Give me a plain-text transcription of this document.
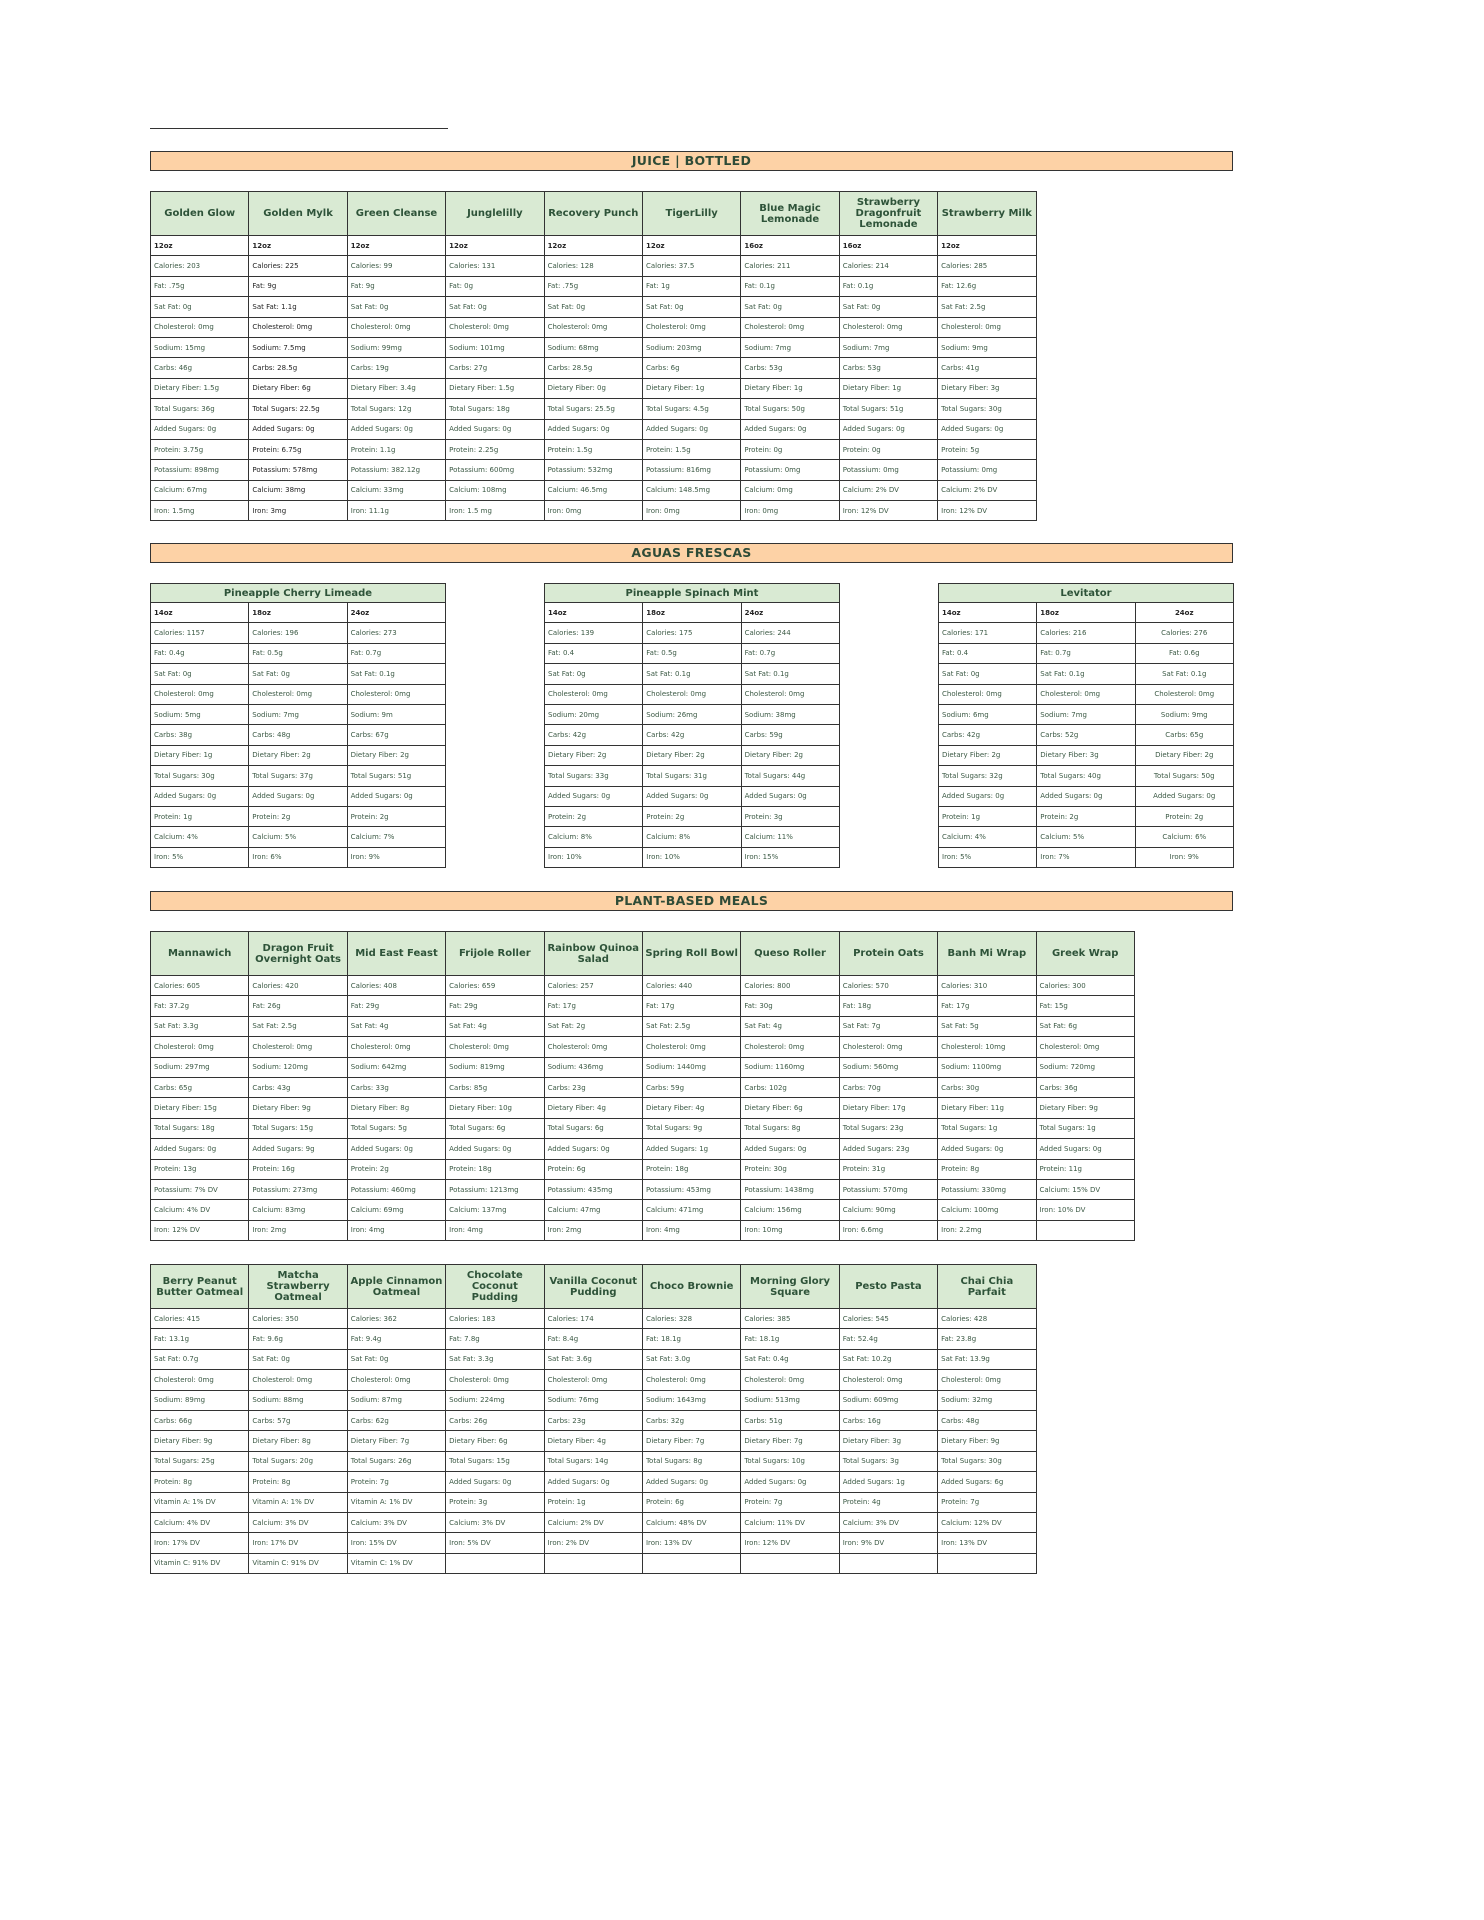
JUICE | BOTTLED
Golden Glow	Golden Mylk	Green Cleanse	Junglelilly	Recovery Punch	TigerLilly	Blue Magic Lemonade	Strawberry Dragonfruit Lemonade	Strawberry Milk
12oz	12oz	12oz	12oz	12oz	12oz	16oz	16oz	12oz
Calories: 203	Calories: 225	Calories: 99	Calories: 131	Calories: 128	Calories: 37.5	Calories: 211	Calories: 214	Calories: 285
Fat: .75g	Fat: 9g	Fat: 9g	Fat: 0g	Fat: .75g	Fat: 1g	Fat: 0.1g	Fat: 0.1g	Fat: 12.6g
Sat Fat: 0g	Sat Fat: 1.1g	Sat Fat: 0g	Sat Fat: 0g	Sat Fat: 0g	Sat Fat: 0g	Sat Fat: 0g	Sat Fat: 0g	Sat Fat: 2.5g
Cholesterol: 0mg	Cholesterol: 0mg	Cholesterol: 0mg	Cholesterol: 0mg	Cholesterol: 0mg	Cholesterol: 0mg	Cholesterol: 0mg	Cholesterol: 0mg	Cholesterol: 0mg
Sodium: 15mg	Sodium: 7.5mg	Sodium: 99mg	Sodium: 101mg	Sodium: 68mg	Sodium: 203mg	Sodium: 7mg	Sodium: 7mg	Sodium: 9mg
Carbs: 46g	Carbs: 28.5g	Carbs: 19g	Carbs: 27g	Carbs: 28.5g	Carbs: 6g	Carbs: 53g	Carbs: 53g	Carbs: 41g
Dietary Fiber: 1.5g	Dietary Fiber: 6g	Dietary Fiber: 3.4g	Dietary Fiber: 1.5g	Dietary Fiber: 0g	Dietary Fiber: 1g	Dietary Fiber: 1g	Dietary Fiber: 1g	Dietary Fiber: 3g
Total Sugars: 36g	Total Sugars: 22.5g	Total Sugars: 12g	Total Sugars: 18g	Total Sugars: 25.5g	Total Sugars: 4.5g	Total Sugars: 50g	Total Sugars: 51g	Total Sugars: 30g
Added Sugars: 0g	Added Sugars: 0g	Added Sugars: 0g	Added Sugars: 0g	Added Sugars: 0g	Added Sugars: 0g	Added Sugars: 0g	Added Sugars: 0g	Added Sugars: 0g
Protein: 3.75g	Protein: 6.75g	Protein: 1.1g	Protein: 2.25g	Protein: 1.5g	Protein: 1.5g	Protein: 0g	Protein: 0g	Protein: 5g
Potassium: 898mg	Potassium: 578mg	Potassium: 382.12g	Potassium: 600mg	Potassium: 532mg	Potassium: 816mg	Potassium: 0mg	Potassium: 0mg	Potassium: 0mg
Calcium: 67mg	Calcium: 38mg	Calcium: 33mg	Calcium: 108mg	Calcium: 46.5mg	Calcium: 148.5mg	Calcium: 0mg	Calcium: 2% DV	Calcium: 2% DV
Iron: 1.5mg	Iron: 3mg	Iron: 11.1g	Iron: 1.5 mg	Iron: 0mg	Iron: 0mg	Iron: 0mg	Iron: 12% DV	Iron: 12% DV
AGUAS FRESCAS
Pineapple Cherry Limeade		
14oz	18oz	24oz
Calories: 1157	Calories: 196	Calories: 273
Fat: 0.4g	Fat: 0.5g	Fat: 0.7g
Sat Fat: 0g	Sat Fat: 0g	Sat Fat: 0.1g
Cholesterol: 0mg	Cholesterol: 0mg	Cholesterol: 0mg
Sodium: 5mg	Sodium: 7mg	Sodium: 9m
Carbs: 38g	Carbs: 48g	Carbs: 67g
Dietary Fiber: 1g	Dietary Fiber: 2g	Dietary Fiber: 2g
Total Sugars: 30g	Total Sugars: 37g	Total Sugars: 51g
Added Sugars: 0g	Added Sugars: 0g	Added Sugars: 0g
Protein: 1g	Protein: 2g	Protein: 2g
Calcium: 4%	Calcium: 5%	Calcium: 7%
Iron: 5%	Iron: 6%	Iron: 9%
Pineapple Spinach Mint		
14oz	18oz	24oz
Calories: 139	Calories: 175	Calories: 244
Fat: 0.4	Fat: 0.5g	Fat: 0.7g
Sat Fat: 0g	Sat Fat: 0.1g	Sat Fat: 0.1g
Cholesterol: 0mg	Cholesterol: 0mg	Cholesterol: 0mg
Sodium: 20mg	Sodium: 26mg	Sodium: 38mg
Carbs: 42g	Carbs: 42g	Carbs: 59g
Dietary Fiber: 2g	Dietary Fiber: 2g	Dietary Fiber: 2g
Total Sugars: 33g	Total Sugars: 31g	Total Sugars: 44g
Added Sugars: 0g	Added Sugars: 0g	Added Sugars: 0g
Protein: 2g	Protein: 2g	Protein: 3g
Calcium: 8%	Calcium: 8%	Calcium: 11%
Iron: 10%	Iron: 10%	Iron: 15%
Levitator		
14oz	18oz	24oz
Calories: 171	Calories: 216	Calories: 276
Fat: 0.4	Fat: 0.7g	Fat: 0.6g
Sat Fat: 0g	Sat Fat: 0.1g	Sat Fat: 0.1g
Cholesterol: 0mg	Cholesterol: 0mg	Cholesterol: 0mg
Sodium: 6mg	Sodium: 7mg	Sodium: 9mg
Carbs: 42g	Carbs: 52g	Carbs: 65g
Dietary Fiber: 2g	Dietary Fiber: 3g	Dietary Fiber: 2g
Total Sugars: 32g	Total Sugars: 40g	Total Sugars: 50g
Added Sugars: 0g	Added Sugars: 0g	Added Sugars: 0g
Protein: 1g	Protein: 2g	Protein: 2g
Calcium: 4%	Calcium: 5%	Calcium: 6%
Iron: 5%	Iron: 7%	Iron: 9%
PLANT-BASED MEALS
Mannawich	Dragon Fruit Overnight Oats	Mid East Feast	Frijole Roller	Rainbow Quinoa Salad	Spring Roll Bowl	Queso Roller	Protein Oats	Banh Mi Wrap	Greek Wrap
Calories: 605	Calories: 420	Calories: 408	Calories: 659	Calories: 257	Calories: 440	Calories: 800	Calories: 570	Calories: 310	Calories: 300
Fat: 37.2g	Fat: 26g	Fat: 29g	Fat: 29g	Fat: 17g	Fat: 17g	Fat: 30g	Fat: 18g	Fat: 17g	Fat: 15g
Sat Fat: 3.3g	Sat Fat: 2.5g	Sat Fat: 4g	Sat Fat: 4g	Sat Fat: 2g	Sat Fat: 2.5g	Sat Fat: 4g	Sat Fat: 7g	Sat Fat: 5g	Sat Fat: 6g
Cholesterol: 0mg	Cholesterol: 0mg	Cholesterol: 0mg	Cholesterol: 0mg	Cholesterol: 0mg	Cholesterol: 0mg	Cholesterol: 0mg	Cholesterol: 0mg	Cholesterol: 10mg	Cholesterol: 0mg
Sodium: 297mg	Sodium: 120mg	Sodium: 642mg	Sodium: 819mg	Sodium: 436mg	Sodium: 1440mg	Sodium: 1160mg	Sodium: 560mg	Sodium: 1100mg	Sodium: 720mg
Carbs: 65g	Carbs: 43g	Carbs: 33g	Carbs: 85g	Carbs: 23g	Carbs: 59g	Carbs: 102g	Carbs: 70g	Carbs: 30g	Carbs: 36g
Dietary Fiber: 15g	Dietary Fiber: 9g	Dietary Fiber: 8g	Dietary Fiber: 10g	Dietary Fiber: 4g	Dietary Fiber: 4g	Dietary Fiber: 6g	Dietary Fiber: 17g	Dietary Fiber: 11g	Dietary Fiber: 9g
Total Sugars: 18g	Total Sugars: 15g	Total Sugars: 5g	Total Sugars: 6g	Total Sugars: 6g	Total Sugars: 9g	Total Sugars: 8g	Total Sugars: 23g	Total Sugars: 1g	Total Sugars: 1g
Added Sugars: 0g	Added Sugars: 9g	Added Sugars: 0g	Added Sugars: 0g	Added Sugars: 0g	Added Sugars: 1g	Added Sugars: 0g	Added Sugars: 23g	Added Sugars: 0g	Added Sugars: 0g
Protein: 13g	Protein: 16g	Protein: 2g	Protein: 18g	Protein: 6g	Protein: 18g	Protein: 30g	Protein: 31g	Protein: 8g	Protein: 11g
Potassium: 7% DV	Potassium: 273mg	Potassium: 460mg	Potassium: 1213mg	Potassium: 435mg	Potassium: 453mg	Potassium: 1438mg	Potassium: 570mg	Potassium: 330mg	Calcium: 15% DV
Calcium: 4% DV	Calcium: 83mg	Calcium: 69mg	Calcium: 137mg	Calcium: 47mg	Calcium: 471mg	Calcium: 156mg	Calcium: 90mg	Calcium: 100mg	Iron: 10% DV
Iron: 12% DV	Iron: 2mg	Iron: 4mg	Iron: 4mg	Iron: 2mg	Iron: 4mg	Iron: 10mg	Iron: 6.6mg	Iron: 2.2mg	
Berry Peanut Butter Oatmeal	Matcha Strawberry Oatmeal	Apple Cinnamon Oatmeal	Chocolate Coconut Pudding	Vanilla Coconut Pudding	Choco Brownie	Morning Glory Square	Pesto Pasta	Chai Chia Parfait
Calories: 415	Calories: 350	Calories: 362	Calories: 183	Calories: 174	Calories: 328	Calories: 385	Calories: 545	Calories: 428
Fat: 13.1g	Fat: 9.6g	Fat: 9.4g	Fat: 7.8g	Fat: 8.4g	Fat: 18.1g	Fat: 18.1g	Fat: 52.4g	Fat: 23.8g
Sat Fat: 0.7g	Sat Fat: 0g	Sat Fat: 0g	Sat Fat: 3.3g	Sat Fat: 3.6g	Sat Fat: 3.0g	Sat Fat: 0.4g	Sat Fat: 10.2g	Sat Fat: 13.9g
Cholesterol: 0mg	Cholesterol: 0mg	Cholesterol: 0mg	Cholesterol: 0mg	Cholesterol: 0mg	Cholesterol: 0mg	Cholesterol: 0mg	Cholesterol: 0mg	Cholesterol: 0mg
Sodium: 89mg	Sodium: 88mg	Sodium: 87mg	Sodium: 224mg	Sodium: 76mg	Sodium: 1643mg	Sodium: 513mg	Sodium: 609mg	Sodium: 32mg
Carbs: 66g	Carbs: 57g	Carbs: 62g	Carbs: 26g	Carbs: 23g	Carbs: 32g	Carbs: 51g	Carbs: 16g	Carbs: 48g
Dietary Fiber: 9g	Dietary Fiber: 8g	Dietary Fiber: 7g	Dietary Fiber: 6g	Dietary Fiber: 4g	Dietary Fiber: 7g	Dietary Fiber: 7g	Dietary Fiber: 3g	Dietary Fiber: 9g
Total Sugars: 25g	Total Sugars: 20g	Total Sugars: 26g	Total Sugars: 15g	Total Sugars: 14g	Total Sugars: 8g	Total Sugars: 10g	Total Sugars: 3g	Total Sugars: 30g
Protein: 8g	Protein: 8g	Protein: 7g	Added Sugars: 0g	Added Sugars: 0g	Added Sugars: 0g	Added Sugars: 0g	Added Sugars: 1g	Added Sugars: 6g
Vitamin A: 1% DV	Vitamin A: 1% DV	Vitamin A: 1% DV	Protein: 3g	Protein: 1g	Protein: 6g	Protein: 7g	Protein: 4g	Protein: 7g
Calcium: 4% DV	Calcium: 3% DV	Calcium: 3% DV	Calcium: 3% DV	Calcium: 2% DV	Calcium: 48% DV	Calcium: 11% DV	Calcium: 3% DV	Calcium: 12% DV
Iron: 17% DV	Iron: 17% DV	Iron: 15% DV	Iron: 5% DV	Iron: 2% DV	Iron: 13% DV	Iron: 12% DV	Iron: 9% DV	Iron: 13% DV
Vitamin C: 91% DV	Vitamin C: 91% DV	Vitamin C: 1% DV						
